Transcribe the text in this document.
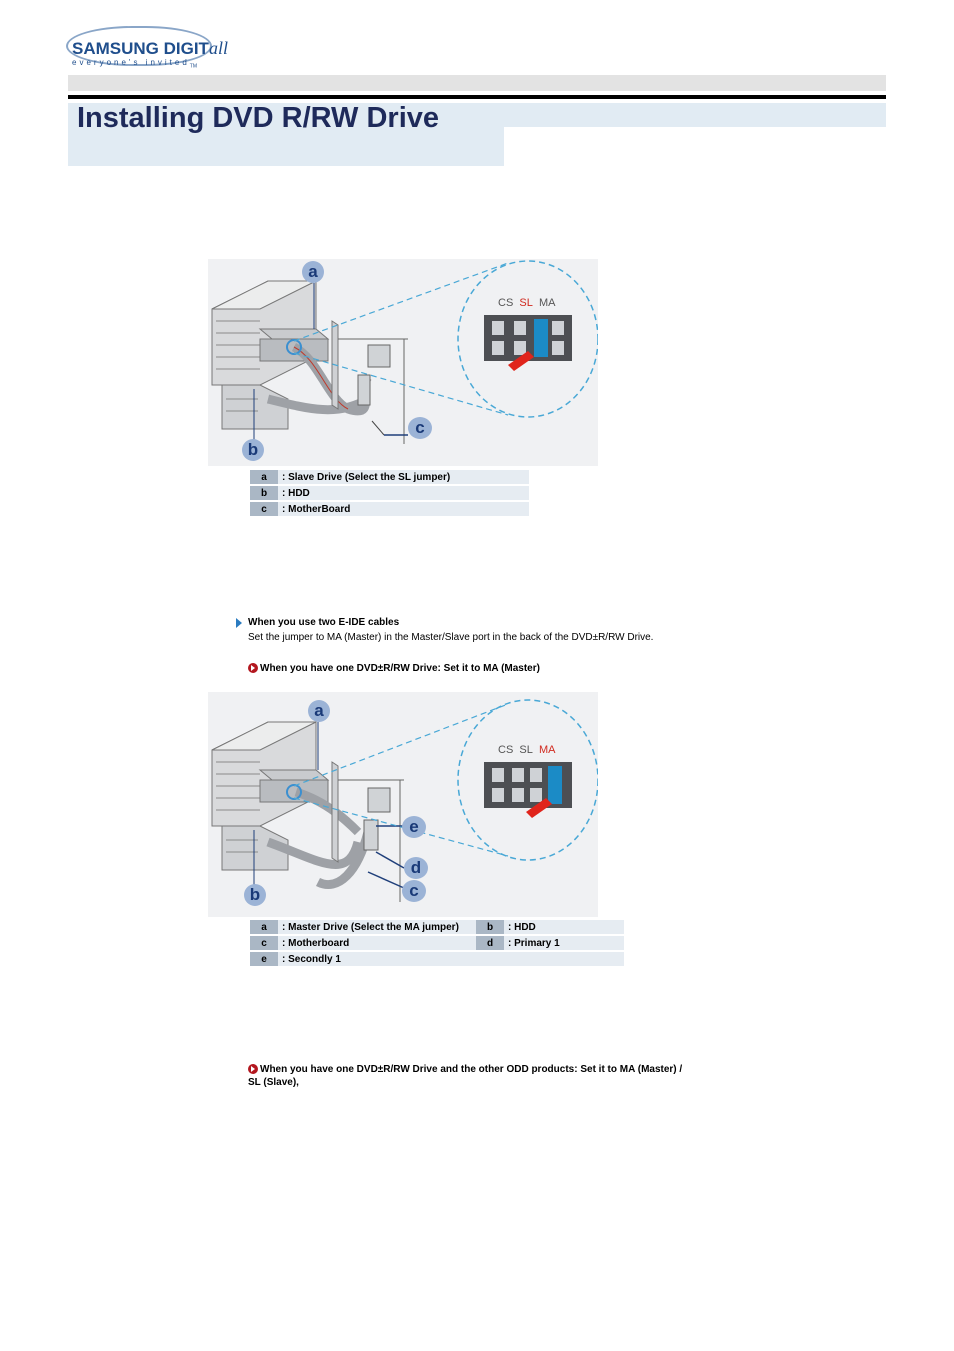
SAMSUNG DIGITall
everyone's invited$_{TM}$
Installing DVD R/RW Drive
CS SL MA
a
b
c
a	: Slave Drive (Select the SL jumper)
b	: HDD
c	: MotherBoard
When you use two E-IDE cables
Set the jumper to MA (Master) in the Master/Slave port in the back of the DVD±R/RW Drive.
When you have one DVD±R/RW Drive: Set it to MA (Master)
CS SL MA
a
b	c
d
e
a	: Master Drive (Select the MA jumper)	b	: HDD
c	: Motherboard	d	: Primary 1
e	: Secondly 1		
When you have one DVD±R/RW Drive and the other ODD products: Set it to MA (Master) /
SL (Slave),
